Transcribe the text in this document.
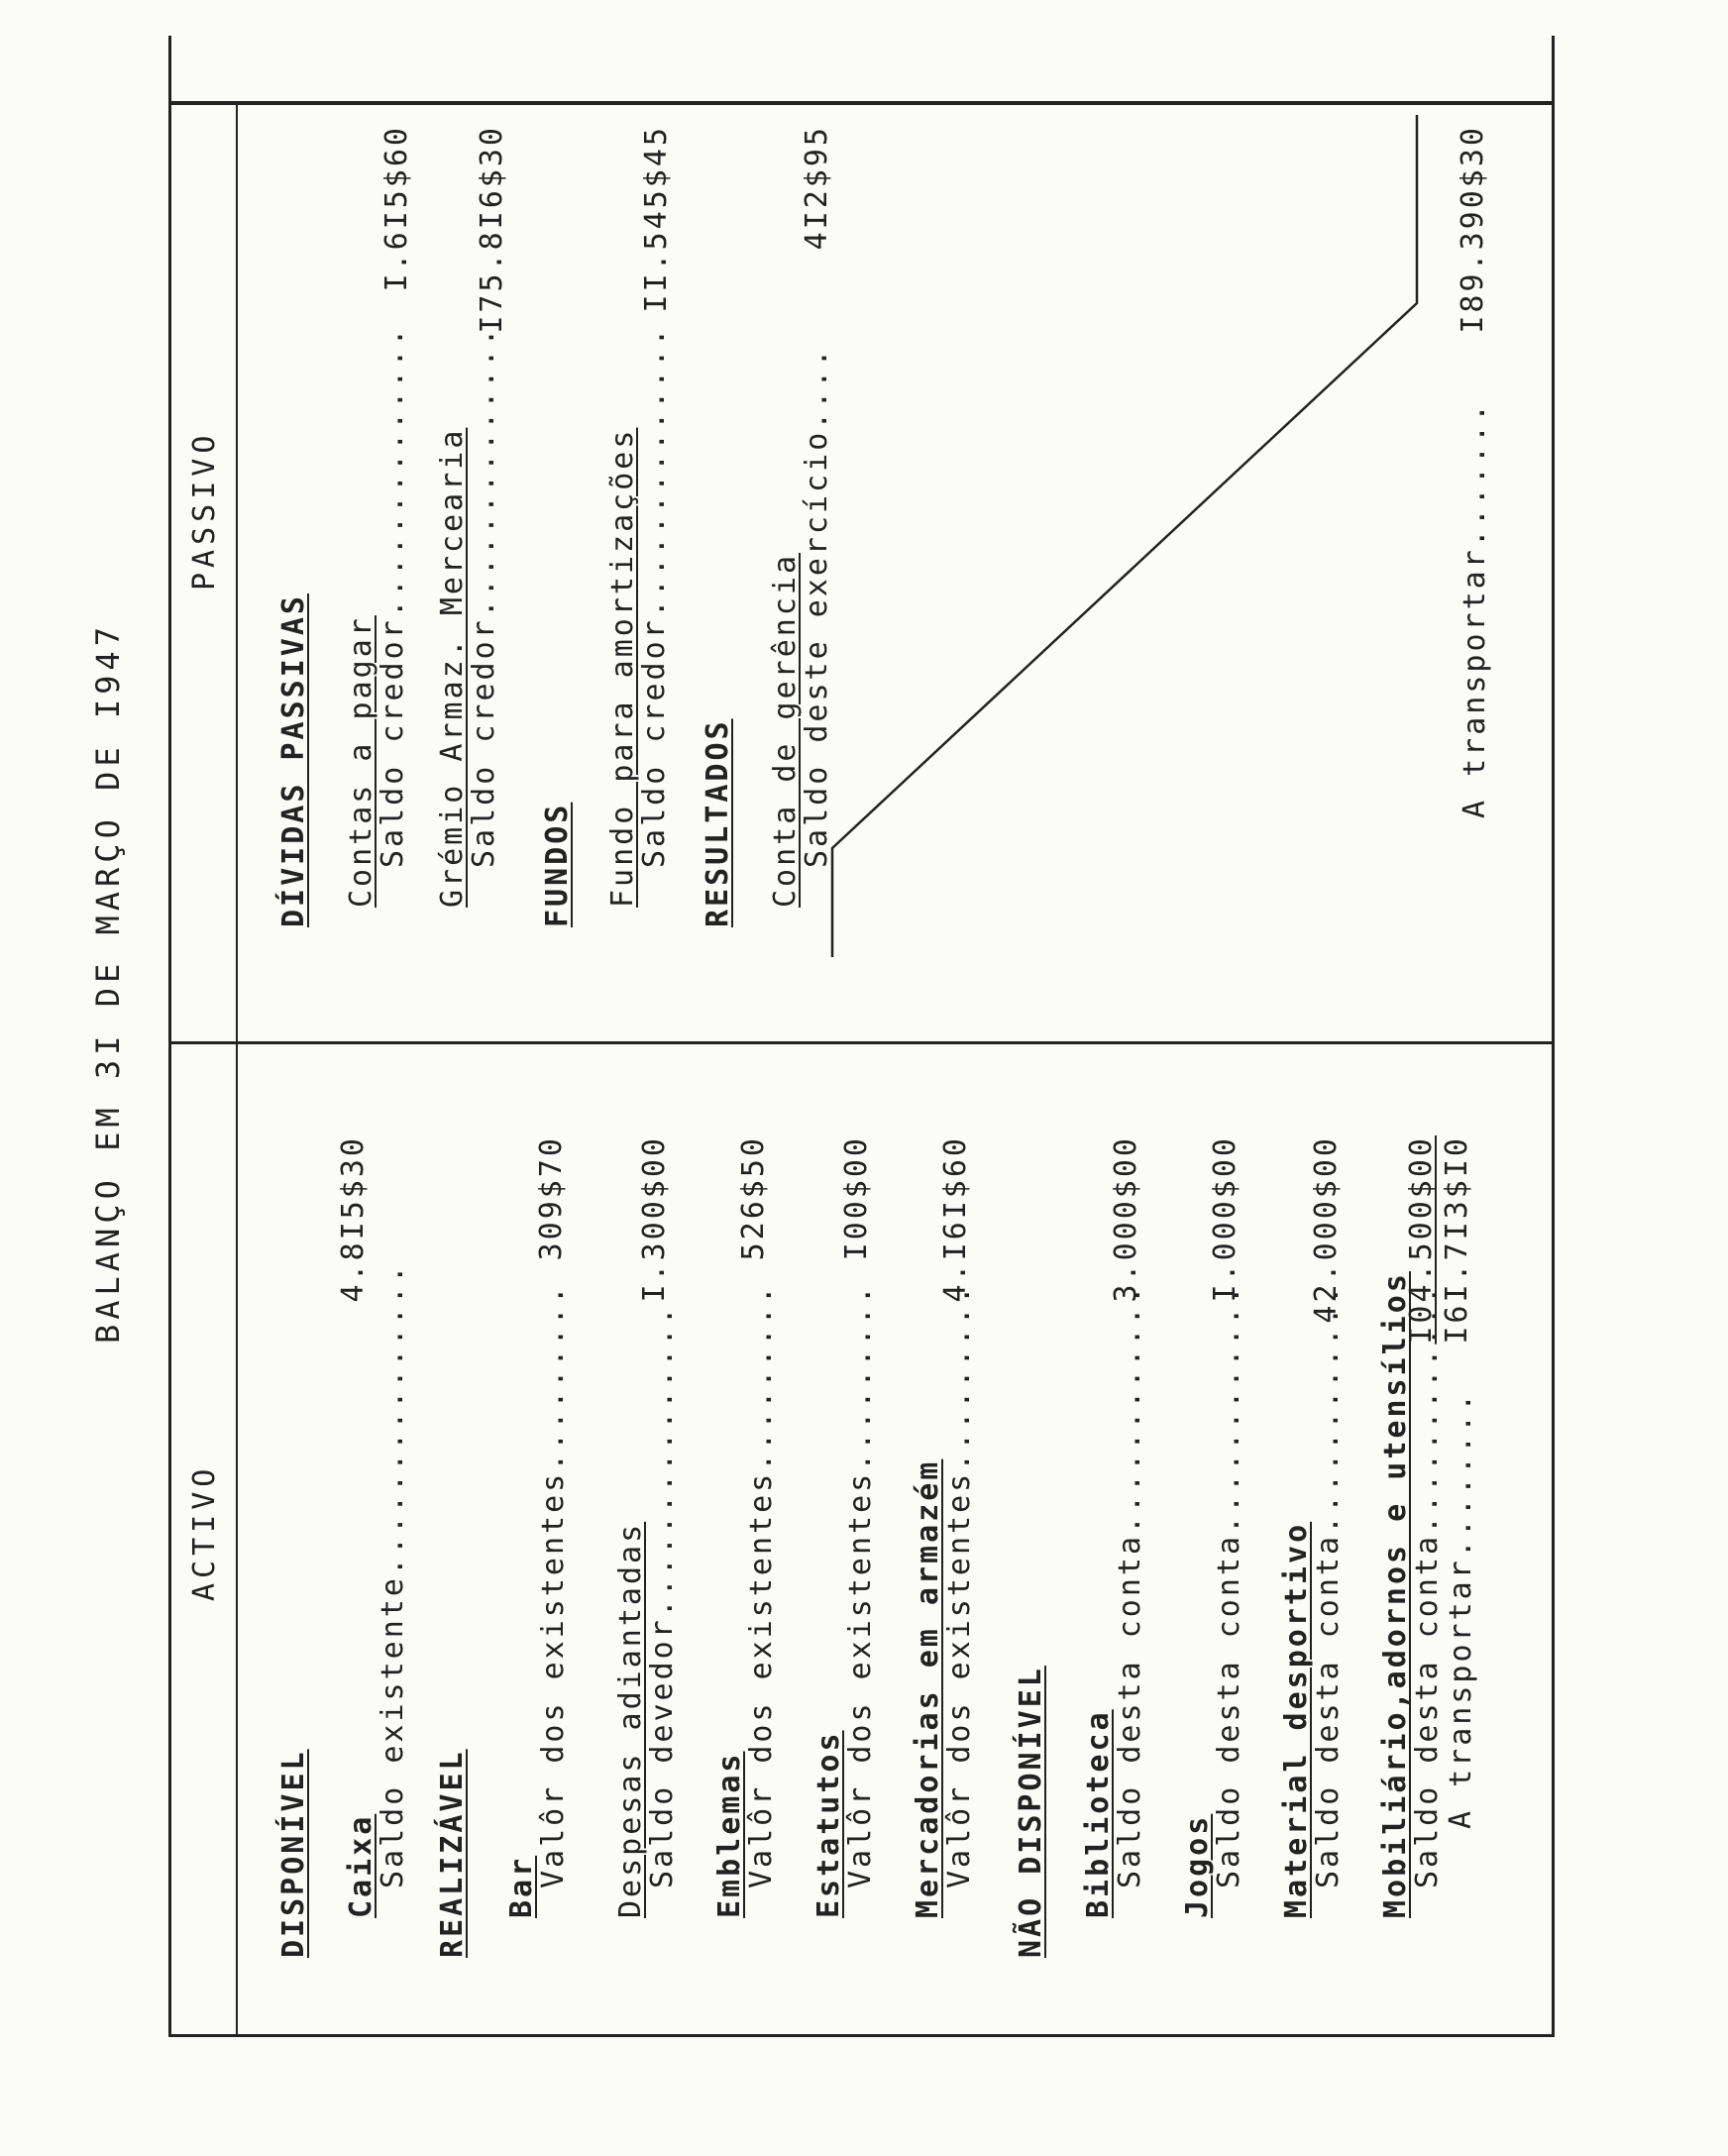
BALANÇO EM 3I DE MARÇO DE I947
ACTIVO
PASSIVO
DISPONÍVEL Caixa
Saldo existente...............
4.8I5$30
REALIZÁVEL Bar
Valôr dos existentes.........
309$70
Despesas adiantadas
Saldo devedor...............
I.300$00
Emblemas
Valôr dos existentes.........
526$50
Estatutos
Valôr dos existentes.........
I00$00
Mercadorias em armazém
Valôr dos existentes.........
4.I6I$60
NÃO DISPONÍVEL Biblioteca
Saldo desta conta............
3.000$00
Jogos
Saldo desta conta............
I.000$00
Material desportivo
Saldo desta conta............
42.000$00
Mobiliário,adornos e utensílios
Saldo desta conta............
I04.500$00
A transportar........
I6I.7I3$I0
DÍVIDAS PASSIVAS Contas a pagar
Saldo credor..............
I.6I5$60
Grémio Armaz. Mercearia
Saldo credor..............
I75.8I6$30
FUNDOS Fundo para amortizações
Saldo credor..............
II.545$45
RESULTADOS Conta de gerência
Saldo deste exercício....
4I2$95
A transportar.......
I89.390$30
